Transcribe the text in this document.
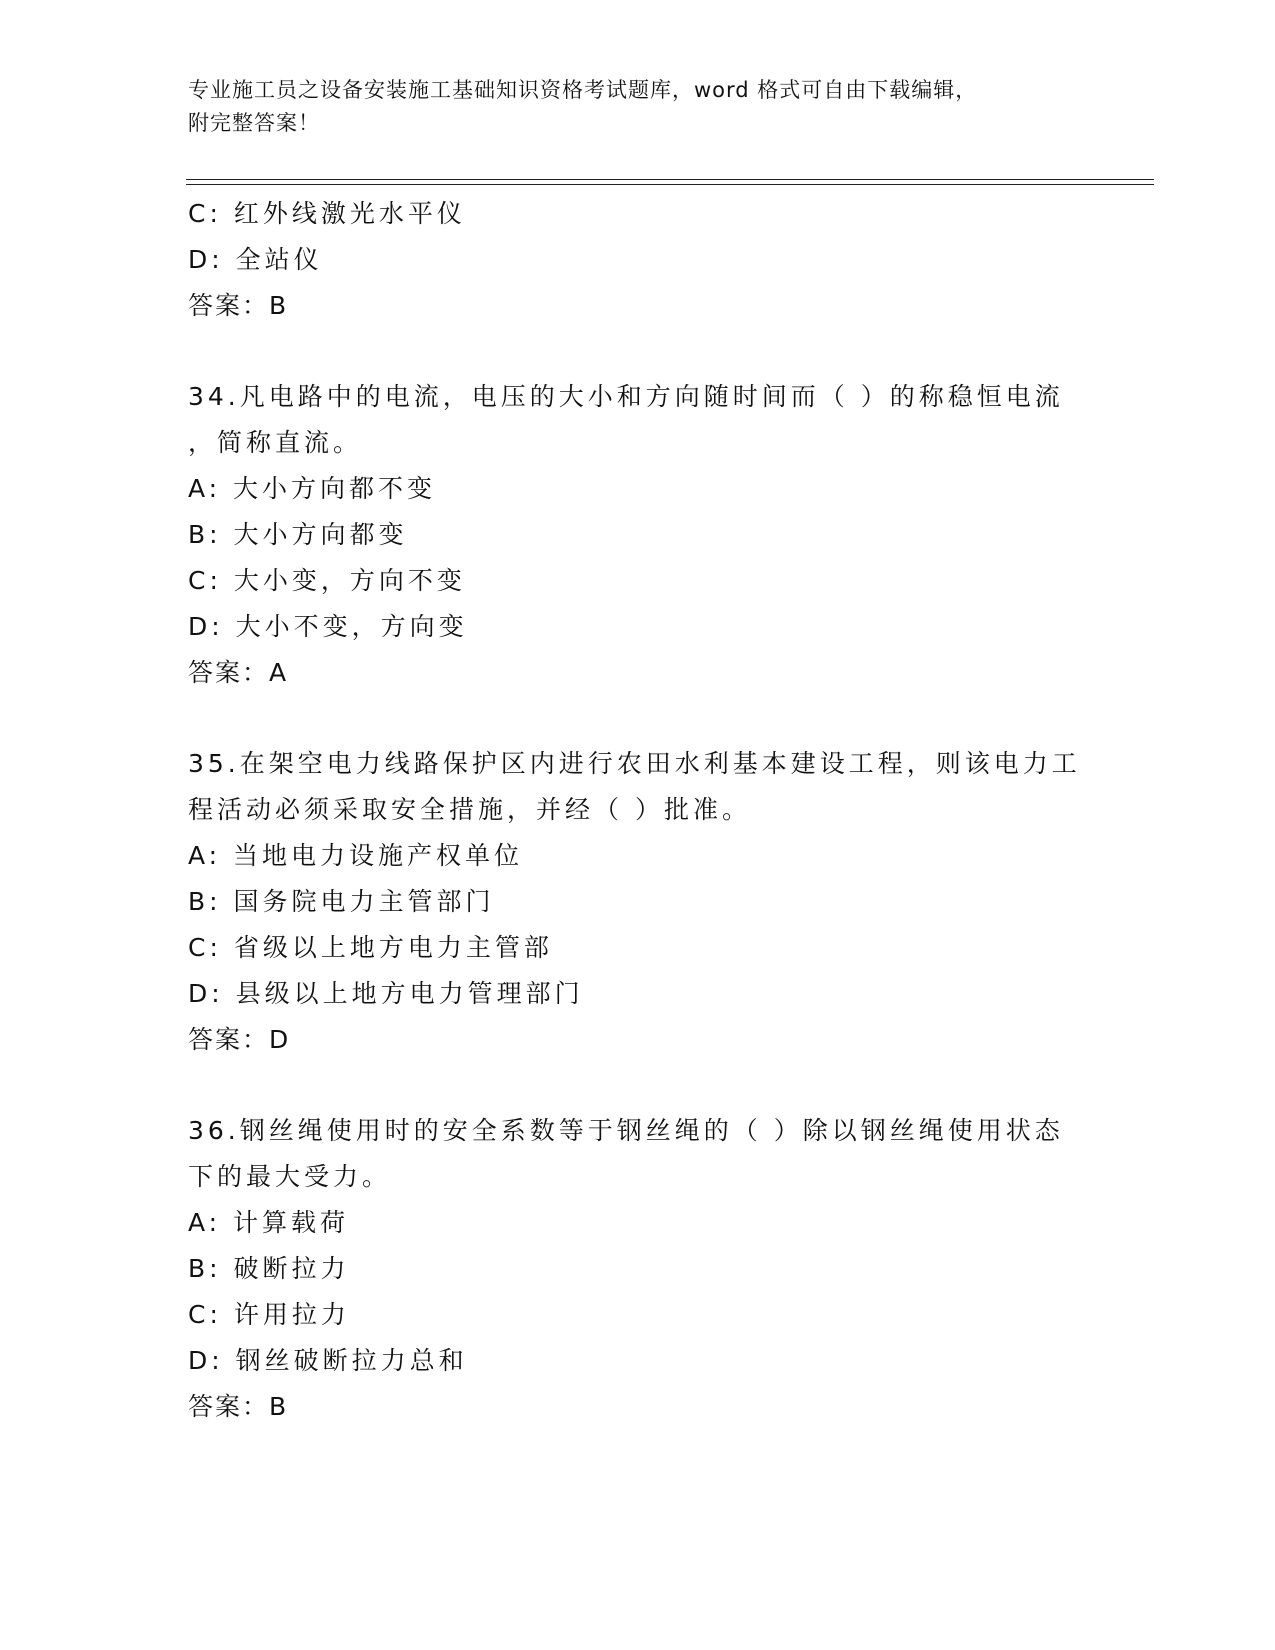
专业施工员之设备安装施工基础知识资格考试题库，word 格式可自由下载编辑，
附完整答案！
C: 红外线激光水平仪
D: 全站仪
答案：B
34.凡电路中的电流，电压的大小和方向随时间而（ ）的称稳恒电流
，简称直流。
A: 大小方向都不变
B: 大小方向都变
C: 大小变，方向不变
D: 大小不变，方向变
答案：A
35.在架空电力线路保护区内进行农田水利基本建设工程，则该电力工
程活动必须采取安全措施，并经（ ）批准。
A: 当地电力设施产权单位
B: 国务院电力主管部门
C: 省级以上地方电力主管部
D: 县级以上地方电力管理部门
答案：D
36.钢丝绳使用时的安全系数等于钢丝绳的（ ）除以钢丝绳使用状态
下的最大受力。
A: 计算载荷
B: 破断拉力
C: 许用拉力
D: 钢丝破断拉力总和
答案：B
